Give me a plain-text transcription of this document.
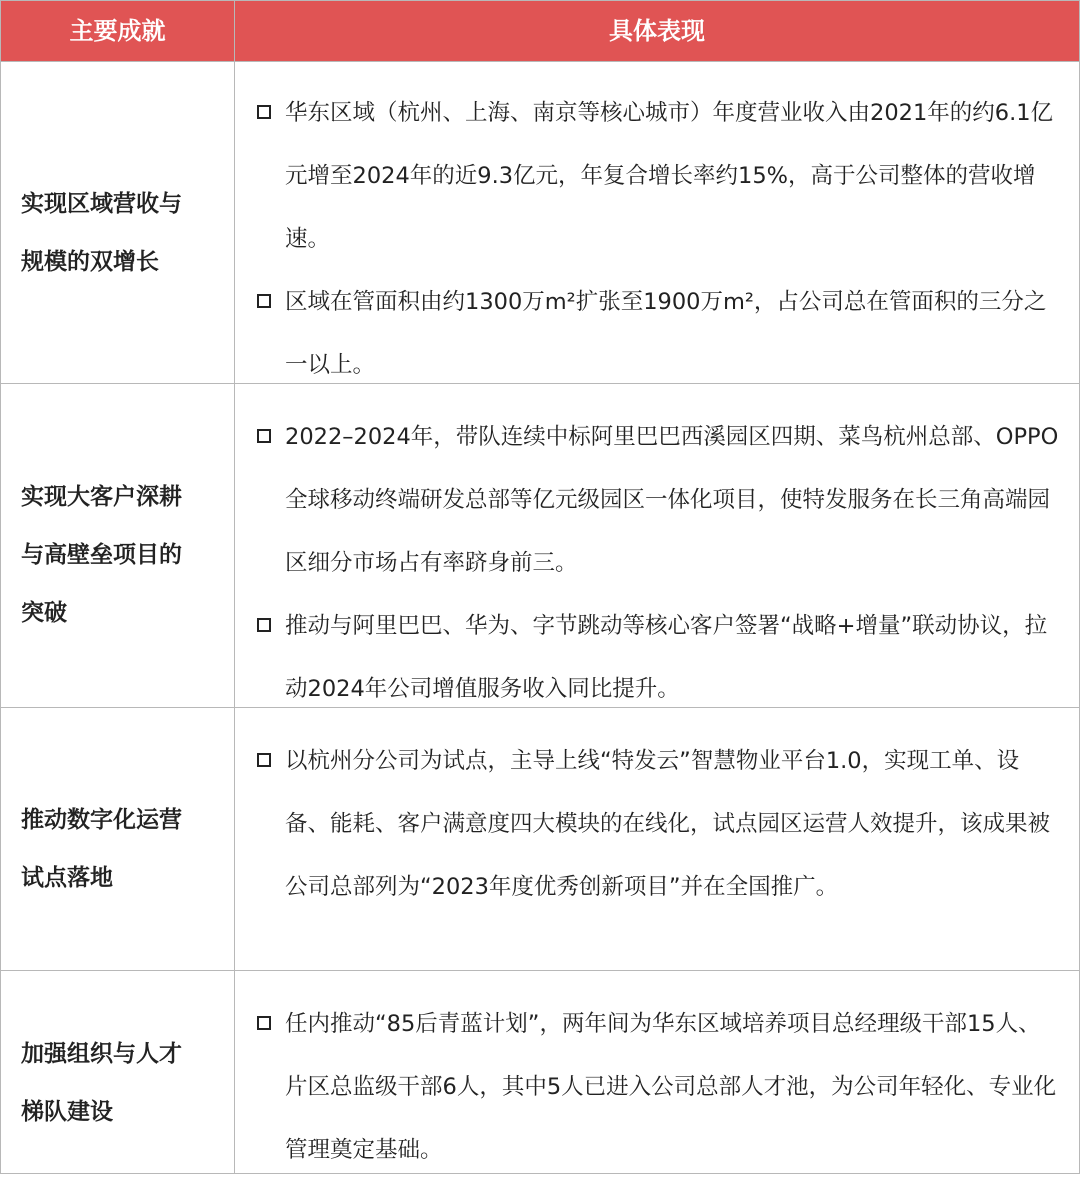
主要成就	具体表现
实现区域营收与
规模的双增长
华东区域（杭州、上海、南京等核心城市）年度营业收入由2021年的约6.1亿元增至2024年的近9.3亿元，年复合增长率约15%，高于公司整体的营收增速。
区域在管面积由约1300万m²扩张至1900万m²，占公司总在管面积的三分之一以上。
实现大客户深耕
与高壁垒项目的
突破
2022–2024年，带队连续中标阿里巴巴西溪园区四期、菜鸟杭州总部、OPPO全球移动终端研发总部等亿元级园区一体化项目，使特发服务在长三角高端园区细分市场占有率跻身前三。
推动与阿里巴巴、华为、字节跳动等核心客户签署“战略+增量”联动协议，拉动2024年公司增值服务收入同比提升。
推动数字化运营
试点落地
以杭州分公司为试点，主导上线“特发云”智慧物业平台1.0，实现工单、设备、能耗、客户满意度四大模块的在线化，试点园区运营人效提升，该成果被公司总部列为“2023年度优秀创新项目”并在全国推广。
加强组织与人才
梯队建设
任内推动“85后青蓝计划”，两年间为华东区域培养项目总经理级干部15人、片区总监级干部6人，其中5人已进入公司总部人才池，为公司年轻化、专业化管理奠定基础。
